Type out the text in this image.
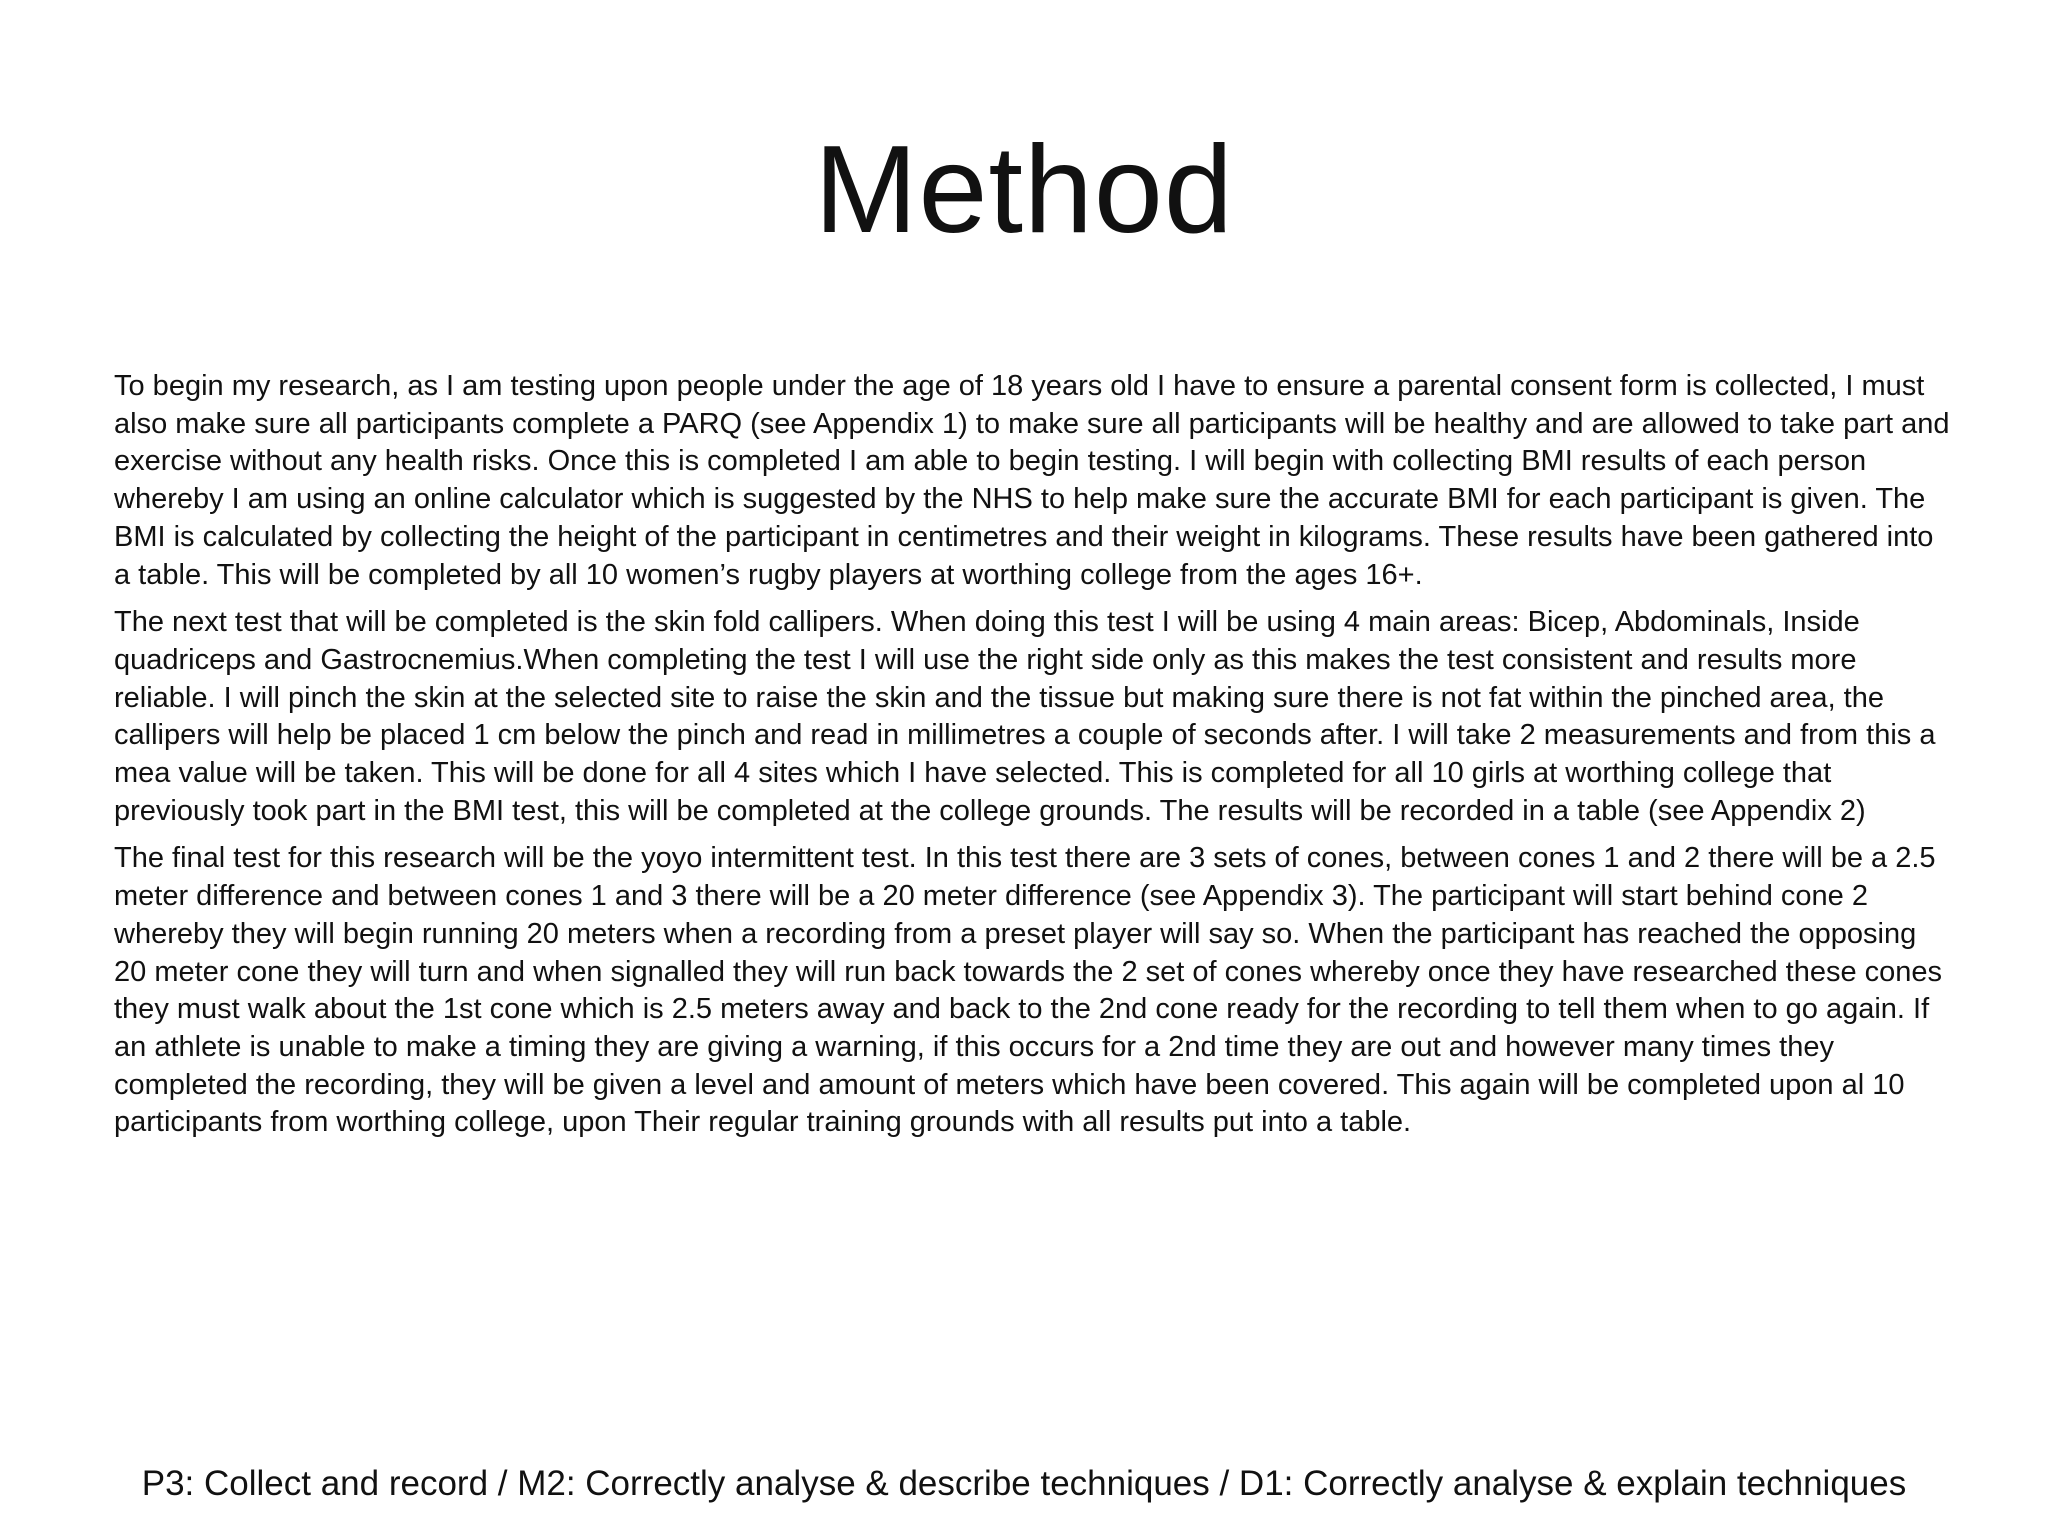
Method

To begin my research, as I am testing upon people under the age of 18 years old I have to ensure a parental consent form is collected, I must also make sure all participants complete a PARQ (see Appendix 1) to make sure all participants will be healthy and are allowed to take part and exercise without any health risks. Once this is completed I am able to begin testing. I will begin with collecting BMI results of each person whereby I am using an online calculator which is suggested by the NHS to help make sure the accurate BMI for each participant is given. The BMI is calculated by collecting the height of the participant in centimetres and their weight in kilograms. These results have been gathered into a table. This will be completed by all 10 women’s rugby players at worthing college from the ages 16+.

The next test that will be completed is the skin fold callipers. When doing this test I will be using 4 main areas: Bicep, Abdominals, Inside quadriceps and Gastrocnemius.When completing the test I will use the right side only as this makes the test consistent and results more reliable. I will pinch the skin at the selected site to raise the skin and the tissue but making sure there is not fat within the pinched area, the callipers will help be placed 1 cm below the pinch and read in millimetres a couple of seconds after. I will take 2 measurements and from this a mea value will be taken. This will be done for all 4 sites which I have selected. This is completed for all 10 girls at worthing college that previously took part in the BMI test, this will be completed at the college grounds. The results will be recorded in a table (see Appendix 2)

The final test for this research will be the yoyo intermittent test. In this test there are 3 sets of cones, between cones 1 and 2 there will be a 2.5 meter difference and between cones 1 and 3 there will be a 20 meter difference (see Appendix 3). The participant will start behind cone 2 whereby they will begin running 20 meters when a recording from a preset player will say so. When the participant has reached the opposing 20 meter cone they will turn and when signalled they will run back towards the 2 set of cones whereby once they have researched these cones they must walk about the 1st cone which is 2.5 meters away and back to the 2nd cone ready for the recording to tell them when to go again. If an athlete is unable to make a timing they are giving a warning, if this occurs for a 2nd time they are out and however many times they completed the recording, they will be given a level and amount of meters which have been covered. This again will be completed upon al 10 participants from worthing college, upon Their regular training grounds with all results put into a table.

P3: Collect and record / M2: Correctly analyse & describe techniques / D1: Correctly analyse & explain techniques
